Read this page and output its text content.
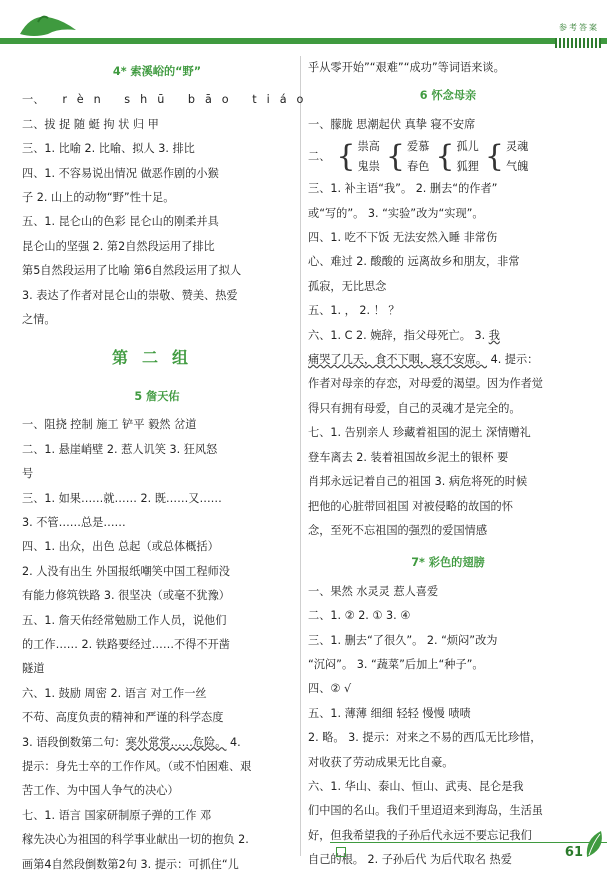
参考答案
4* 索溪峪的“野”
一、 rèn shū bāo tiáo
二、拔 捉 随 蜓 拘 状 归 甲
三、1. 比喻 2. 比喻、拟人 3. 排比
四、1. 不容易说出情况 做恶作剧的小猴
子 2. 山上的动物“野”性十足。
五、1. 昆仑山的色彩 昆仑山的刚柔并具
昆仑山的坚强 2. 第2自然段运用了排比
第5自然段运用了比喻 第6自然段运用了拟人
3. 表达了作者对昆仑山的崇敬、赞美、热爱
之情。
第二组
5 詹天佑
一、阻挠 控制 施工 铲平 毅然 岔道
二、1. 悬崖峭壁 2. 惹人讥笑 3. 狂风怒
号
三、1. 如果……就…… 2. 既……又……
3. 不管……总是……
四、1. 出众，出色 总起（或总体概括）
2. 人没有出生 外国报纸嘲笑中国工程师没
有能力修筑铁路 3. 很坚决（或毫不犹豫）
五、1. 詹天佑经常勉励工作人员，说他们
的工作…… 2. 铁路要经过……不得不开凿
隧道
六、1. 鼓励 周密 2. 语言 对工作一丝
不苟、高度负责的精神和严谨的科学态度
3. 语段倒数第二句：寒外常常……危险。 4.
提示：身先士卒的工作作风。（或不怕困难、艰
苦工作、为中国人争气的决心）
七、1. 语言 国家研制原子弹的工作 邓
稼先决心为祖国的科学事业献出一切的抱负 2.
画第4自然段倒数第2句 3. 提示：可抓住“儿
乎从零开始”“艰难”“成功”等词语来谈。
6 怀念母亲
一、朦胧 思潮起伏 真挚 寝不安席
二、 { 祟高
鬼祟 { 爱慕
春色 { 孤儿
狐狸 { 灵魂
气魄
三、1. 补主语“我”。 2. 删去“的作者”
或“写的”。 3. “实验”改为“实现”。
四、1. 吃不下饭 无法安然入睡 非常伤
心、难过 2. 酸酸的 远离故乡和朋友，非常
孤寂，无比思念
五、1. ， 2. ！ ？
六、1. C 2. 婉辞，指父母死亡。 3. 我
痛哭了几天，食不下咽，寝不安席。 4. 提示：
作者对母亲的存恋，对母爱的渴望。因为作者觉
得只有拥有母爱，自己的灵魂才是完全的。
七、1. 告别亲人 珍藏着祖国的泥土 深情赠礼
登车离去 2. 装着祖国故乡泥土的银杯 要
肖邦永远记着自己的祖国 3. 病危将死的时候
把他的心脏带回祖国 对被侵略的故国的怀
念，至死不忘祖国的强烈的爱国情感
7* 彩色的翅膀
一、果然 水灵灵 惹人喜爱
二、1. ② 2. ① 3. ④
三、1. 删去“了很久”。 2. “烦闷”改为
“沉闷”。 3. “蔬菜”后加上“种子”。
四、② √
五、1. 薄薄 细细 轻轻 慢慢 啧啧
2. 略。 3. 提示：对来之不易的西瓜无比珍惜，
对收获了劳动成果无比自豪。
六、1. 华山、泰山、恒山、武夷、昆仑是我
们中国的名山。我们千里迢迢来到海岛，生活虽
好，但我希望我的子孙后代永远不要忘记我们
自己的根。 2. 子孙后代 为后代取名 热爱	61
